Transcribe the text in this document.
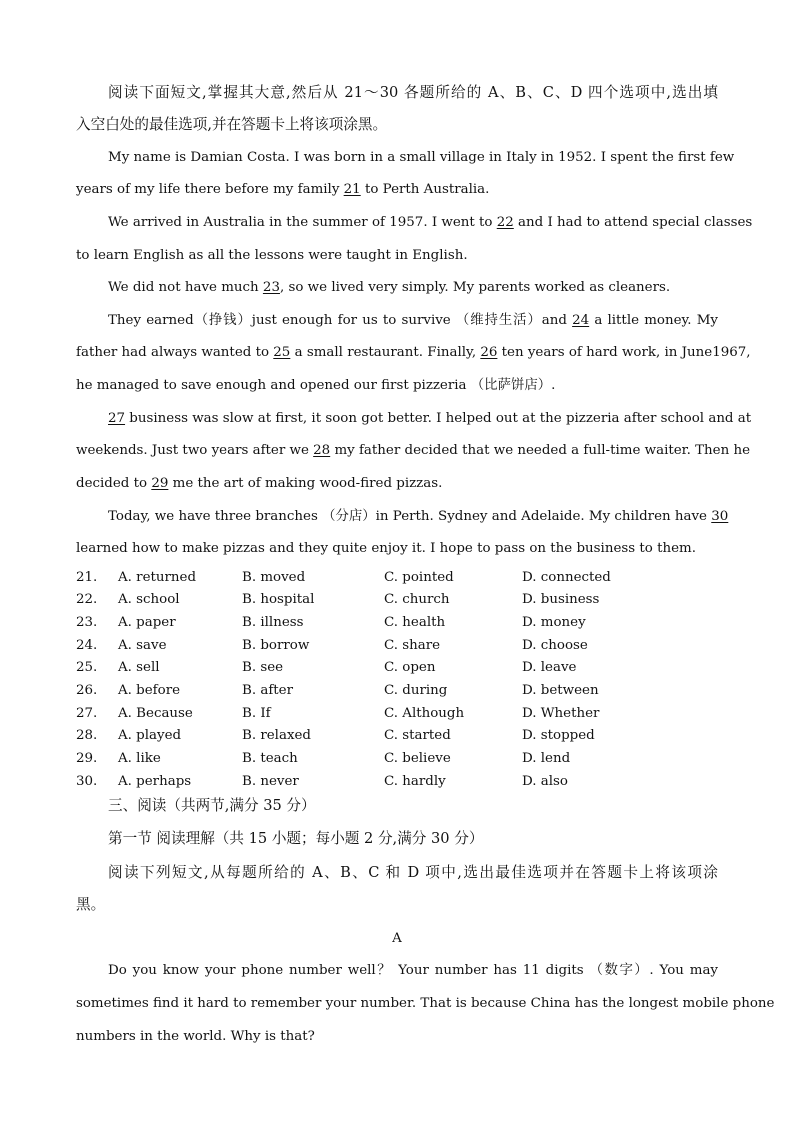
阅读下面短文,掌握其大意,然后从 21～30 各题所给的 A、B、C、D 四个选项中,选出填
入空白处的最佳选项,并在答题卡上将该项涂黑。
My name is Damian Costa. I was born in a small village in Italy in 1952. I spent the first few
years of my life there before my family 21 to Perth Australia.
We arrived in Australia in the summer of 1957. I went to 22 and I had to attend special classes
to learn English as all the lessons were taught in English.
We did not have much 23, so we lived very simply. My parents worked as cleaners.
They earned（挣钱）just enough for us to survive （维持生活）and 24 a little money. My
father had always wanted to 25 a small restaurant. Finally, 26 ten years of hard work, in June1967,
he managed to save enough and opened our first pizzeria （比萨饼店）.
27 business was slow at first, it soon got better. I helped out at the pizzeria after school and at
weekends. Just two years after we 28 my father decided that we needed a full-time waiter. Then he
decided to 29 me the art of making wood-fired pizzas.
Today, we have three branches （分店）in Perth. Sydney and Adelaide. My children have 30
learned how to make pizzas and they quite enjoy it. I hope to pass on the business to them.
21. A. returned	B. moved	C. pointed	D. connected
22. A. school	B. hospital	C. church	D. business
23. A. paper	B. illness	C. health	D. money
24. A. save	B. borrow	C. share	D. choose
25. A. sell	B. see	C. open	D. leave
26. A. before	B. after	C. during	D. between
27. A. Because	B. If	C. Although	D. Whether
28. A. played	B. relaxed	C. started	D. stopped
29. A. like	B. teach	C. believe	D. lend
30. A. perhaps	B. never	C. hardly	D. also
三、阅读（共两节,满分 35 分）
第一节 阅读理解（共 15 小题；每小题 2 分,满分 30 分）
阅读下列短文,从每题所给的 A、B、C 和 D 项中,选出最佳选项并在答题卡上将该项涂
黑。
A
Do you know your phone number well？ Your number has 11 digits （数字）. You may
sometimes find it hard to remember your number. That is because China has the longest mobile phone
numbers in the world. Why is that?
